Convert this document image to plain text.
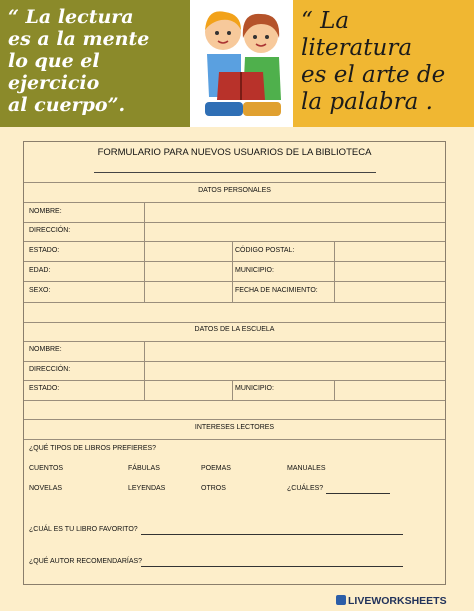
“ La lectura
es a la mente
lo que el
ejercicio
al cuerpo”.
“ La literatura
es el arte de
la palabra .
FORMULARIO PARA NUEVOS USUARIOS DE LA BIBLIOTECA
DATOS PERSONALES
NOMBRE:
DIRECCIÓN:
ESTADO:	CÓDIGO POSTAL:
EDAD:	MUNICIPIO:
SEXO:	FECHA DE NACIMIENTO:
DATOS DE LA ESCUELA
NOMBRE:
DIRECCIÓN:
ESTADO:	MUNICIPIO:
INTERESES LECTORES
¿QUÉ TIPOS DE LIBROS PREFIERES?
CUENTOS	FÁBULAS	POEMAS	MANUALES
NOVELAS	LEYENDAS	OTROS	¿CUÁLES?
¿CUÁL ES TU LIBRO FAVORITO?
¿QUÉ AUTOR RECOMENDARÍAS?
LIVEWORKSHEETS
